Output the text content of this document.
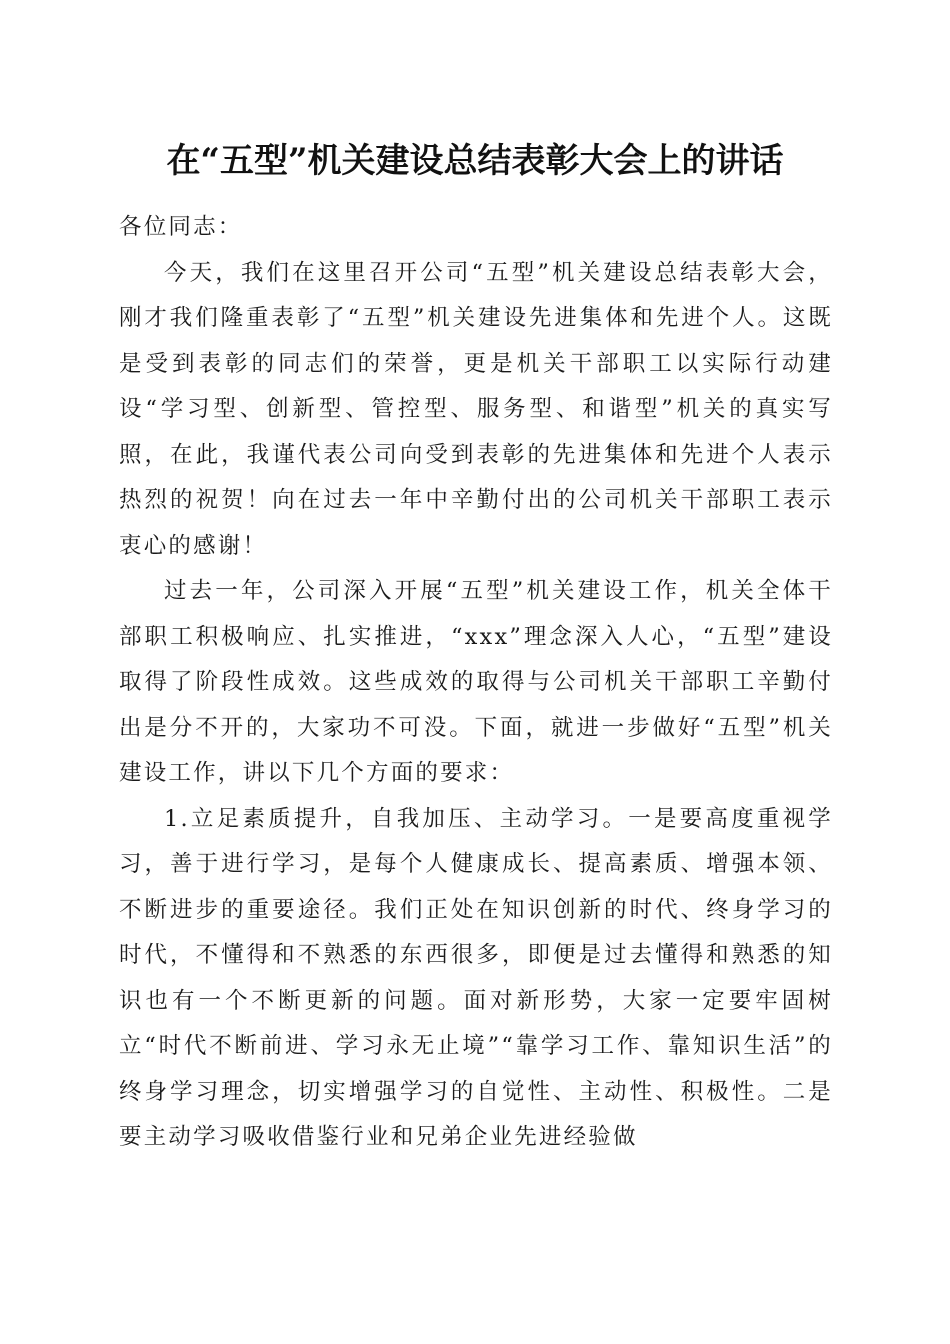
在“五型”机关建设总结表彰大会上的讲话

各位同志：

今天，我们在这里召开公司“五型”机关建设总结表彰大会，刚才我们隆重表彰了“五型”机关建设先进集体和先进个人。这既是受到表彰的同志们的荣誉，更是机关干部职工以实际行动建设“学习型、创新型、管控型、服务型、和谐型”机关的真实写照，在此，我谨代表公司向受到表彰的先进集体和先进个人表示热烈的祝贺！向在过去一年中辛勤付出的公司机关干部职工表示衷心的感谢！

过去一年，公司深入开展“五型”机关建设工作，机关全体干部职工积极响应、扎实推进，“xxx”理念深入人心，“五型”建设取得了阶段性成效。这些成效的取得与公司机关干部职工辛勤付出是分不开的，大家功不可没。下面，就进一步做好“五型”机关建设工作，讲以下几个方面的要求：

1.立足素质提升，自我加压、主动学习。一是要高度重视学习，善于进行学习，是每个人健康成长、提高素质、增强本领、不断进步的重要途径。我们正处在知识创新的时代、终身学习的时代，不懂得和不熟悉的东西很多，即便是过去懂得和熟悉的知识也有一个不断更新的问题。面对新形势，大家一定要牢固树立“时代不断前进、学习永无止境”“靠学习工作、靠知识生活”的终身学习理念，切实增强学习的自觉性、主动性、积极性。二是要主动学习吸收借鉴行业和兄弟企业先进经验做
